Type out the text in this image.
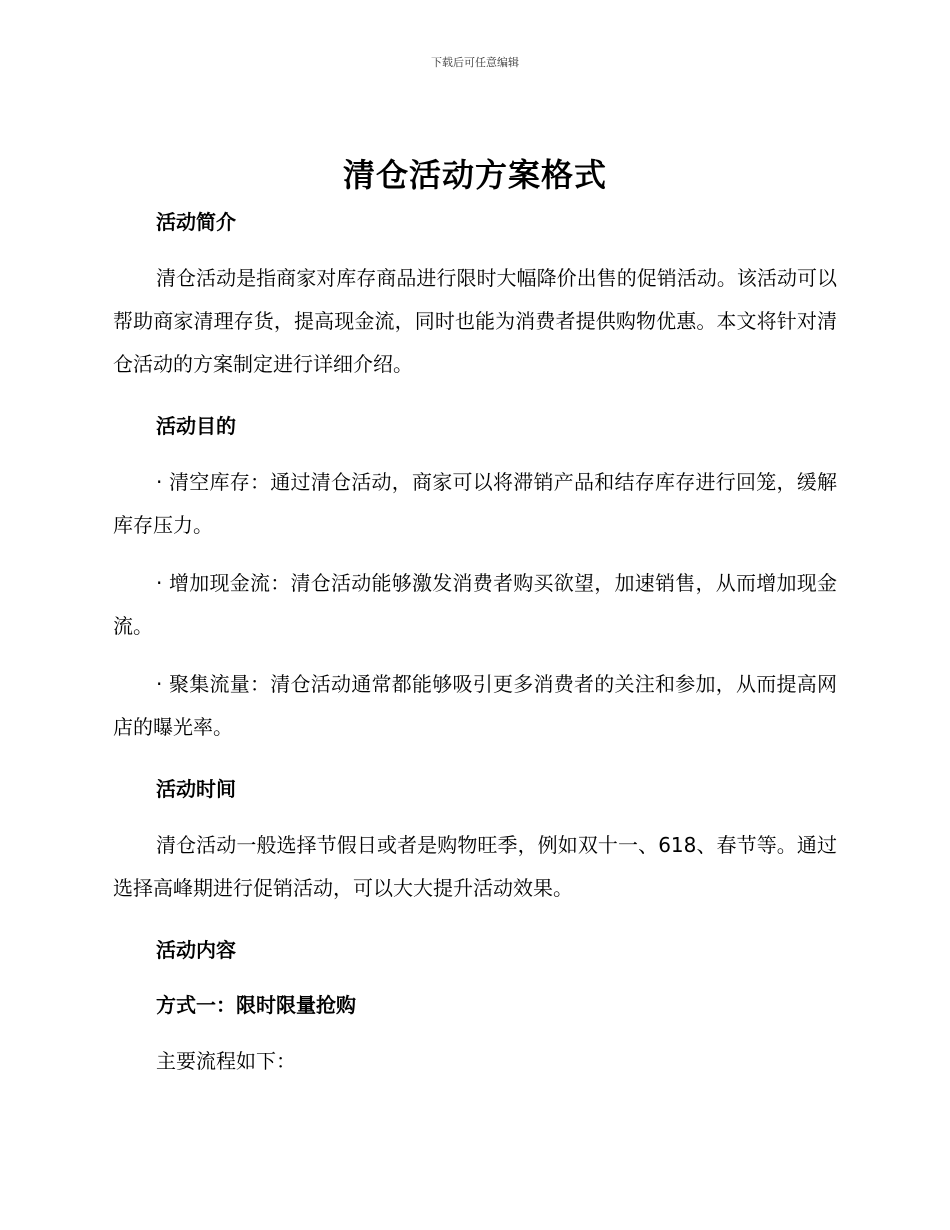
下载后可任意编辑
清仓活动方案格式
活动简介

清仓活动是指商家对库存商品进行限时大幅降价出售的促销活动。该活动可以帮助商家清理存货，提高现金流，同时也能为消费者提供购物优惠。本文将针对清仓活动的方案制定进行详细介绍。

活动目的

· 清空库存：通过清仓活动，商家可以将滞销产品和结存库存进行回笼，缓解库存压力。

· 增加现金流：清仓活动能够激发消费者购买欲望，加速销售，从而增加现金流。

· 聚集流量：清仓活动通常都能够吸引更多消费者的关注和参加，从而提高网店的曝光率。

活动时间

清仓活动一般选择节假日或者是购物旺季，例如双十一、618、春节等。通过选择高峰期进行促销活动，可以大大提升活动效果。

活动内容
方式一：限时限量抢购

主要流程如下：
